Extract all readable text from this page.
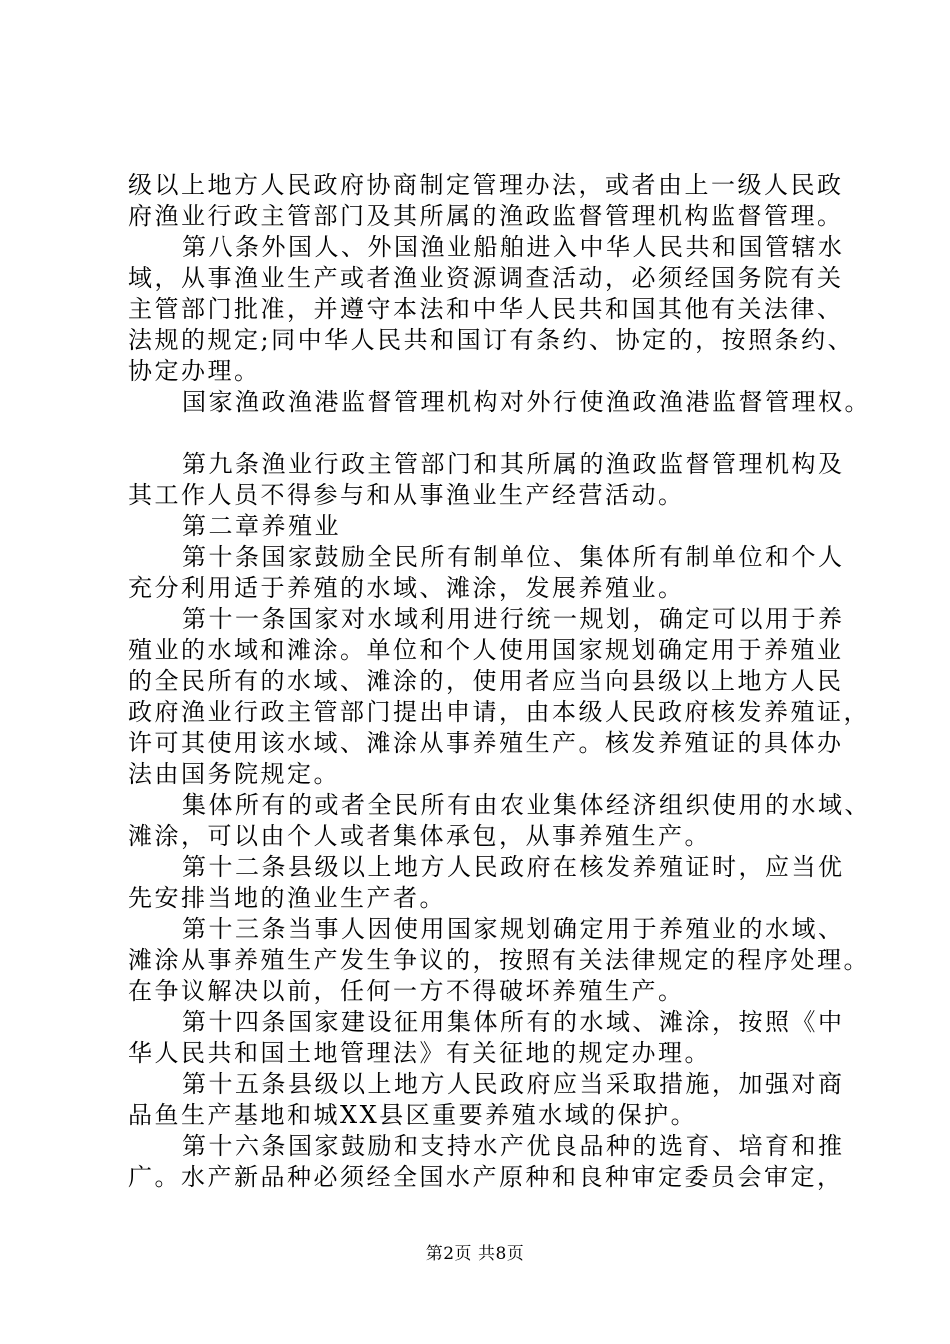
级以上地方人民政府协商制定管理办法，或者由上一级人民政
府渔业行政主管部门及其所属的渔政监督管理机构监督管理。
第八条外国人、外国渔业船舶进入中华人民共和国管辖水
域，从事渔业生产或者渔业资源调查活动，必须经国务院有关
主管部门批准，并遵守本法和中华人民共和国其他有关法律、
法规的规定;同中华人民共和国订有条约、协定的，按照条约、
协定办理。
国家渔政渔港监督管理机构对外行使渔政渔港监督管理权。
第九条渔业行政主管部门和其所属的渔政监督管理机构及
其工作人员不得参与和从事渔业生产经营活动。
第二章养殖业
第十条国家鼓励全民所有制单位、集体所有制单位和个人
充分利用适于养殖的水域、滩涂，发展养殖业。
第十一条国家对水域利用进行统一规划，确定可以用于养
殖业的水域和滩涂。单位和个人使用国家规划确定用于养殖业
的全民所有的水域、滩涂的，使用者应当向县级以上地方人民
政府渔业行政主管部门提出申请，由本级人民政府核发养殖证，
许可其使用该水域、滩涂从事养殖生产。核发养殖证的具体办
法由国务院规定。
集体所有的或者全民所有由农业集体经济组织使用的水域、
滩涂，可以由个人或者集体承包，从事养殖生产。
第十二条县级以上地方人民政府在核发养殖证时，应当优
先安排当地的渔业生产者。
第十三条当事人因使用国家规划确定用于养殖业的水域、
滩涂从事养殖生产发生争议的，按照有关法律规定的程序处理。
在争议解决以前，任何一方不得破坏养殖生产。
第十四条国家建设征用集体所有的水域、滩涂，按照《中
华人民共和国土地管理法》有关征地的规定办理。
第十五条县级以上地方人民政府应当采取措施，加强对商
品鱼生产基地和城XX县区重要养殖水域的保护。
第十六条国家鼓励和支持水产优良品种的选育、培育和推
广。水产新品种必须经全国水产原种和良种审定委员会审定，
第2页 共8页
